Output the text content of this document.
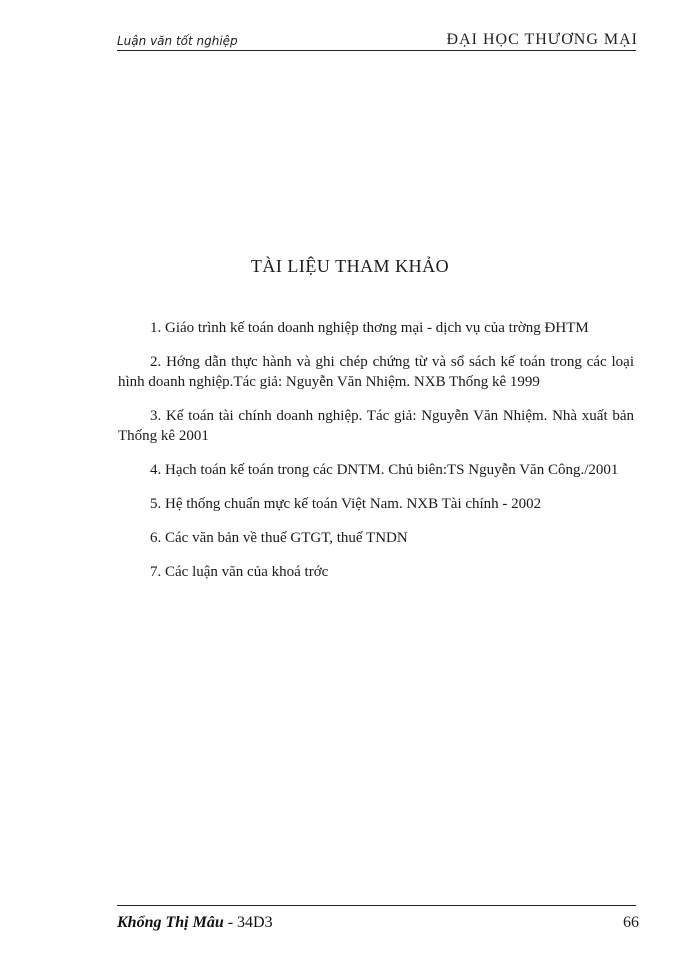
Luận văn tốt nghiệp	ĐẠI HỌC THƯƠNG MẠI
TÀI LIỆU THAM KHẢO
1. Giáo trình kế toán doanh nghiệp thơng mại - dịch vụ của trờng ĐHTM
2. Hớng dẫn thực hành và ghi chép chứng từ và sổ sách kế toán trong các loại hình doanh nghiệp.Tác giả: Nguyễn Văn Nhiệm. NXB Thống kê 1999
3. Kế toán tài chính doanh nghiệp. Tác giả: Nguyễn Văn Nhiệm. Nhà xuất bản Thống kê 2001
4. Hạch toán kế toán trong các DNTM. Chủ biên:TS Nguyễn Văn Công./2001
5. Hệ thống chuẩn mực kế toán Việt Nam. NXB Tài chính - 2002
6. Các văn bản về thuế GTGT, thuế TNDN
7. Các luận văn của khoá trớc
Khổng Thị Mâu - 34D3	66
